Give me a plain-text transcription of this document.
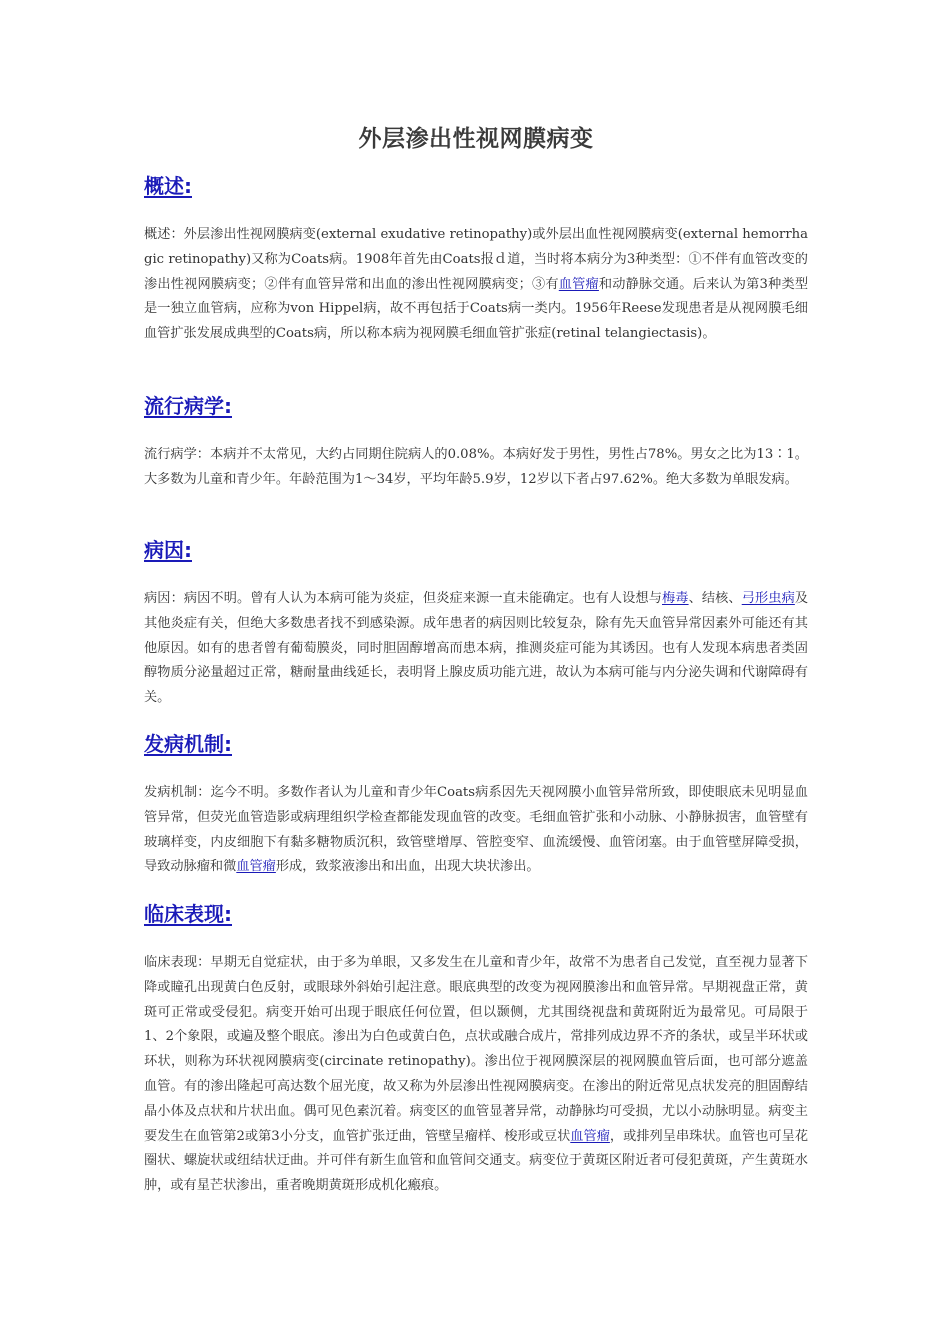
外层渗出性视网膜病变
概述:

概述：外层渗出性视网膜病变(external exudative retinopathy)或外层出血性视网膜病变(external hemorrhagic retinopathy)又称为Coats病。1908年首先由Coats报ｄ道，当时将本病分为3种类型：①不伴有血管改变的渗出性视网膜病变；②伴有血管异常和出血的渗出性视网膜病变；③有血管瘤和动静脉交通。后来认为第3种类型是一独立血管病，应称为von Hippel病，故不再包括于Coats病一类内。1956年Reese发现患者是从视网膜毛细血管扩张发展成典型的Coats病，所以称本病为视网膜毛细血管扩张症(retinal telangiectasis)。

流行病学:

流行病学：本病并不太常见，大约占同期住院病人的0.08%。本病好发于男性，男性占78%。男女之比为13∶1。大多数为儿童和青少年。年龄范围为1～34岁，平均年龄5.9岁，12岁以下者占97.62%。绝大多数为单眼发病。

病因:

病因：病因不明。曾有人认为本病可能为炎症，但炎症来源一直未能确定。也有人设想与梅毒、结核、弓形虫病及其他炎症有关，但绝大多数患者找不到感染源。成年患者的病因则比较复杂，除有先天血管异常因素外可能还有其他原因。如有的患者曾有葡萄膜炎，同时胆固醇增高而患本病，推测炎症可能为其诱因。也有人发现本病患者类固醇物质分泌量超过正常，糖耐量曲线延长，表明肾上腺皮质功能亢进，故认为本病可能与内分泌失调和代谢障碍有关。

发病机制:

发病机制：迄今不明。多数作者认为儿童和青少年Coats病系因先天视网膜小血管异常所致，即使眼底未见明显血管异常，但荧光血管造影或病理组织学检查都能发现血管的改变。毛细血管扩张和小动脉、小静脉损害，血管壁有玻璃样变，内皮细胞下有黏多糖物质沉积，致管壁增厚、管腔变窄、血流缓慢、血管闭塞。由于血管壁屏障受损，导致动脉瘤和微血管瘤形成，致浆液渗出和出血，出现大块状渗出。

临床表现:

临床表现：早期无自觉症状，由于多为单眼，又多发生在儿童和青少年，故常不为患者自己发觉，直至视力显著下降或瞳孔出现黄白色反射，或眼球外斜始引起注意。眼底典型的改变为视网膜渗出和血管异常。早期视盘正常，黄斑可正常或受侵犯。病变开始可出现于眼底任何位置，但以颞侧，尤其围绕视盘和黄斑附近为最常见。可局限于1、2个象限，或遍及整个眼底。渗出为白色或黄白色，点状或融合成片，常排列成边界不齐的条状，或呈半环状或环状，则称为环状视网膜病变(circinate retinopathy)。渗出位于视网膜深层的视网膜血管后面，也可部分遮盖血管。有的渗出隆起可高达数个屈光度，故又称为外层渗出性视网膜病变。在渗出的附近常见点状发亮的胆固醇结晶小体及点状和片状出血。偶可见色素沉着。病变区的血管显著异常，动静脉均可受损，尤以小动脉明显。病变主要发生在血管第2或第3小分支，血管扩张迂曲，管壁呈瘤样、梭形或豆状血管瘤，或排列呈串珠状。血管也可呈花圈状、螺旋状或纽结状迂曲。并可伴有新生血管和血管间交通支。病变位于黄斑区附近者可侵犯黄斑，产生黄斑水肿，或有星芒状渗出，重者晚期黄斑形成机化瘢痕。
